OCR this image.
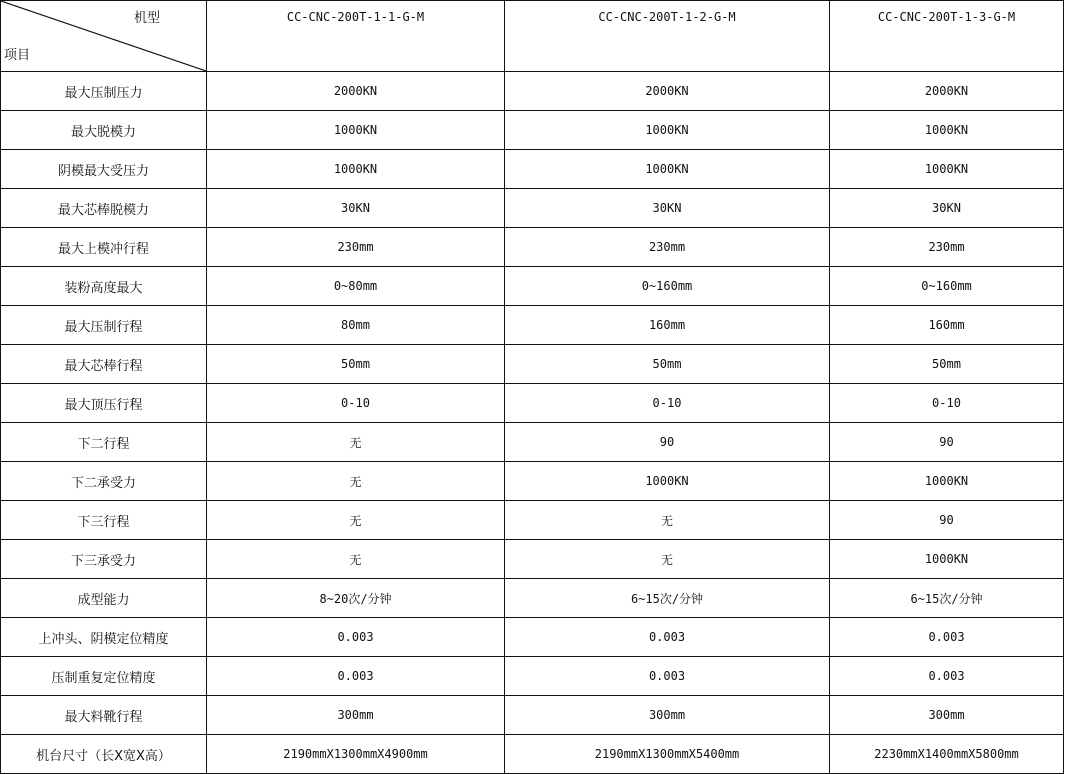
机型
项目	CC-CNC-200T-1-1-G-M	CC-CNC-200T-1-2-G-M	CC-CNC-200T-1-3-G-M
最大压制压力	2000KN	2000KN	2000KN
最大脱模力	1000KN	1000KN	1000KN
阴模最大受压力	1000KN	1000KN	1000KN
最大芯棒脱模力	30KN	30KN	30KN
最大上模冲行程	230mm	230mm	230mm
装粉高度最大	0~80mm	0~160mm	0~160mm
最大压制行程	80mm	160mm	160mm
最大芯棒行程	50mm	50mm	50mm
最大顶压行程	0-10	0-10	0-10
下二行程	无	90	90
下二承受力	无	1000KN	1000KN
下三行程	无	无	90
下三承受力	无	无	1000KN
成型能力	8~20次/分钟	6~15次/分钟	6~15次/分钟
上冲头、阴模定位精度	0.003	0.003	0.003
压制重复定位精度	0.003	0.003	0.003
最大料靴行程	300mm	300mm	300mm
机台尺寸（长X宽X高）	2190mmX1300mmX4900mm	2190mmX1300mmX5400mm	2230mmX1400mmX5800mm
